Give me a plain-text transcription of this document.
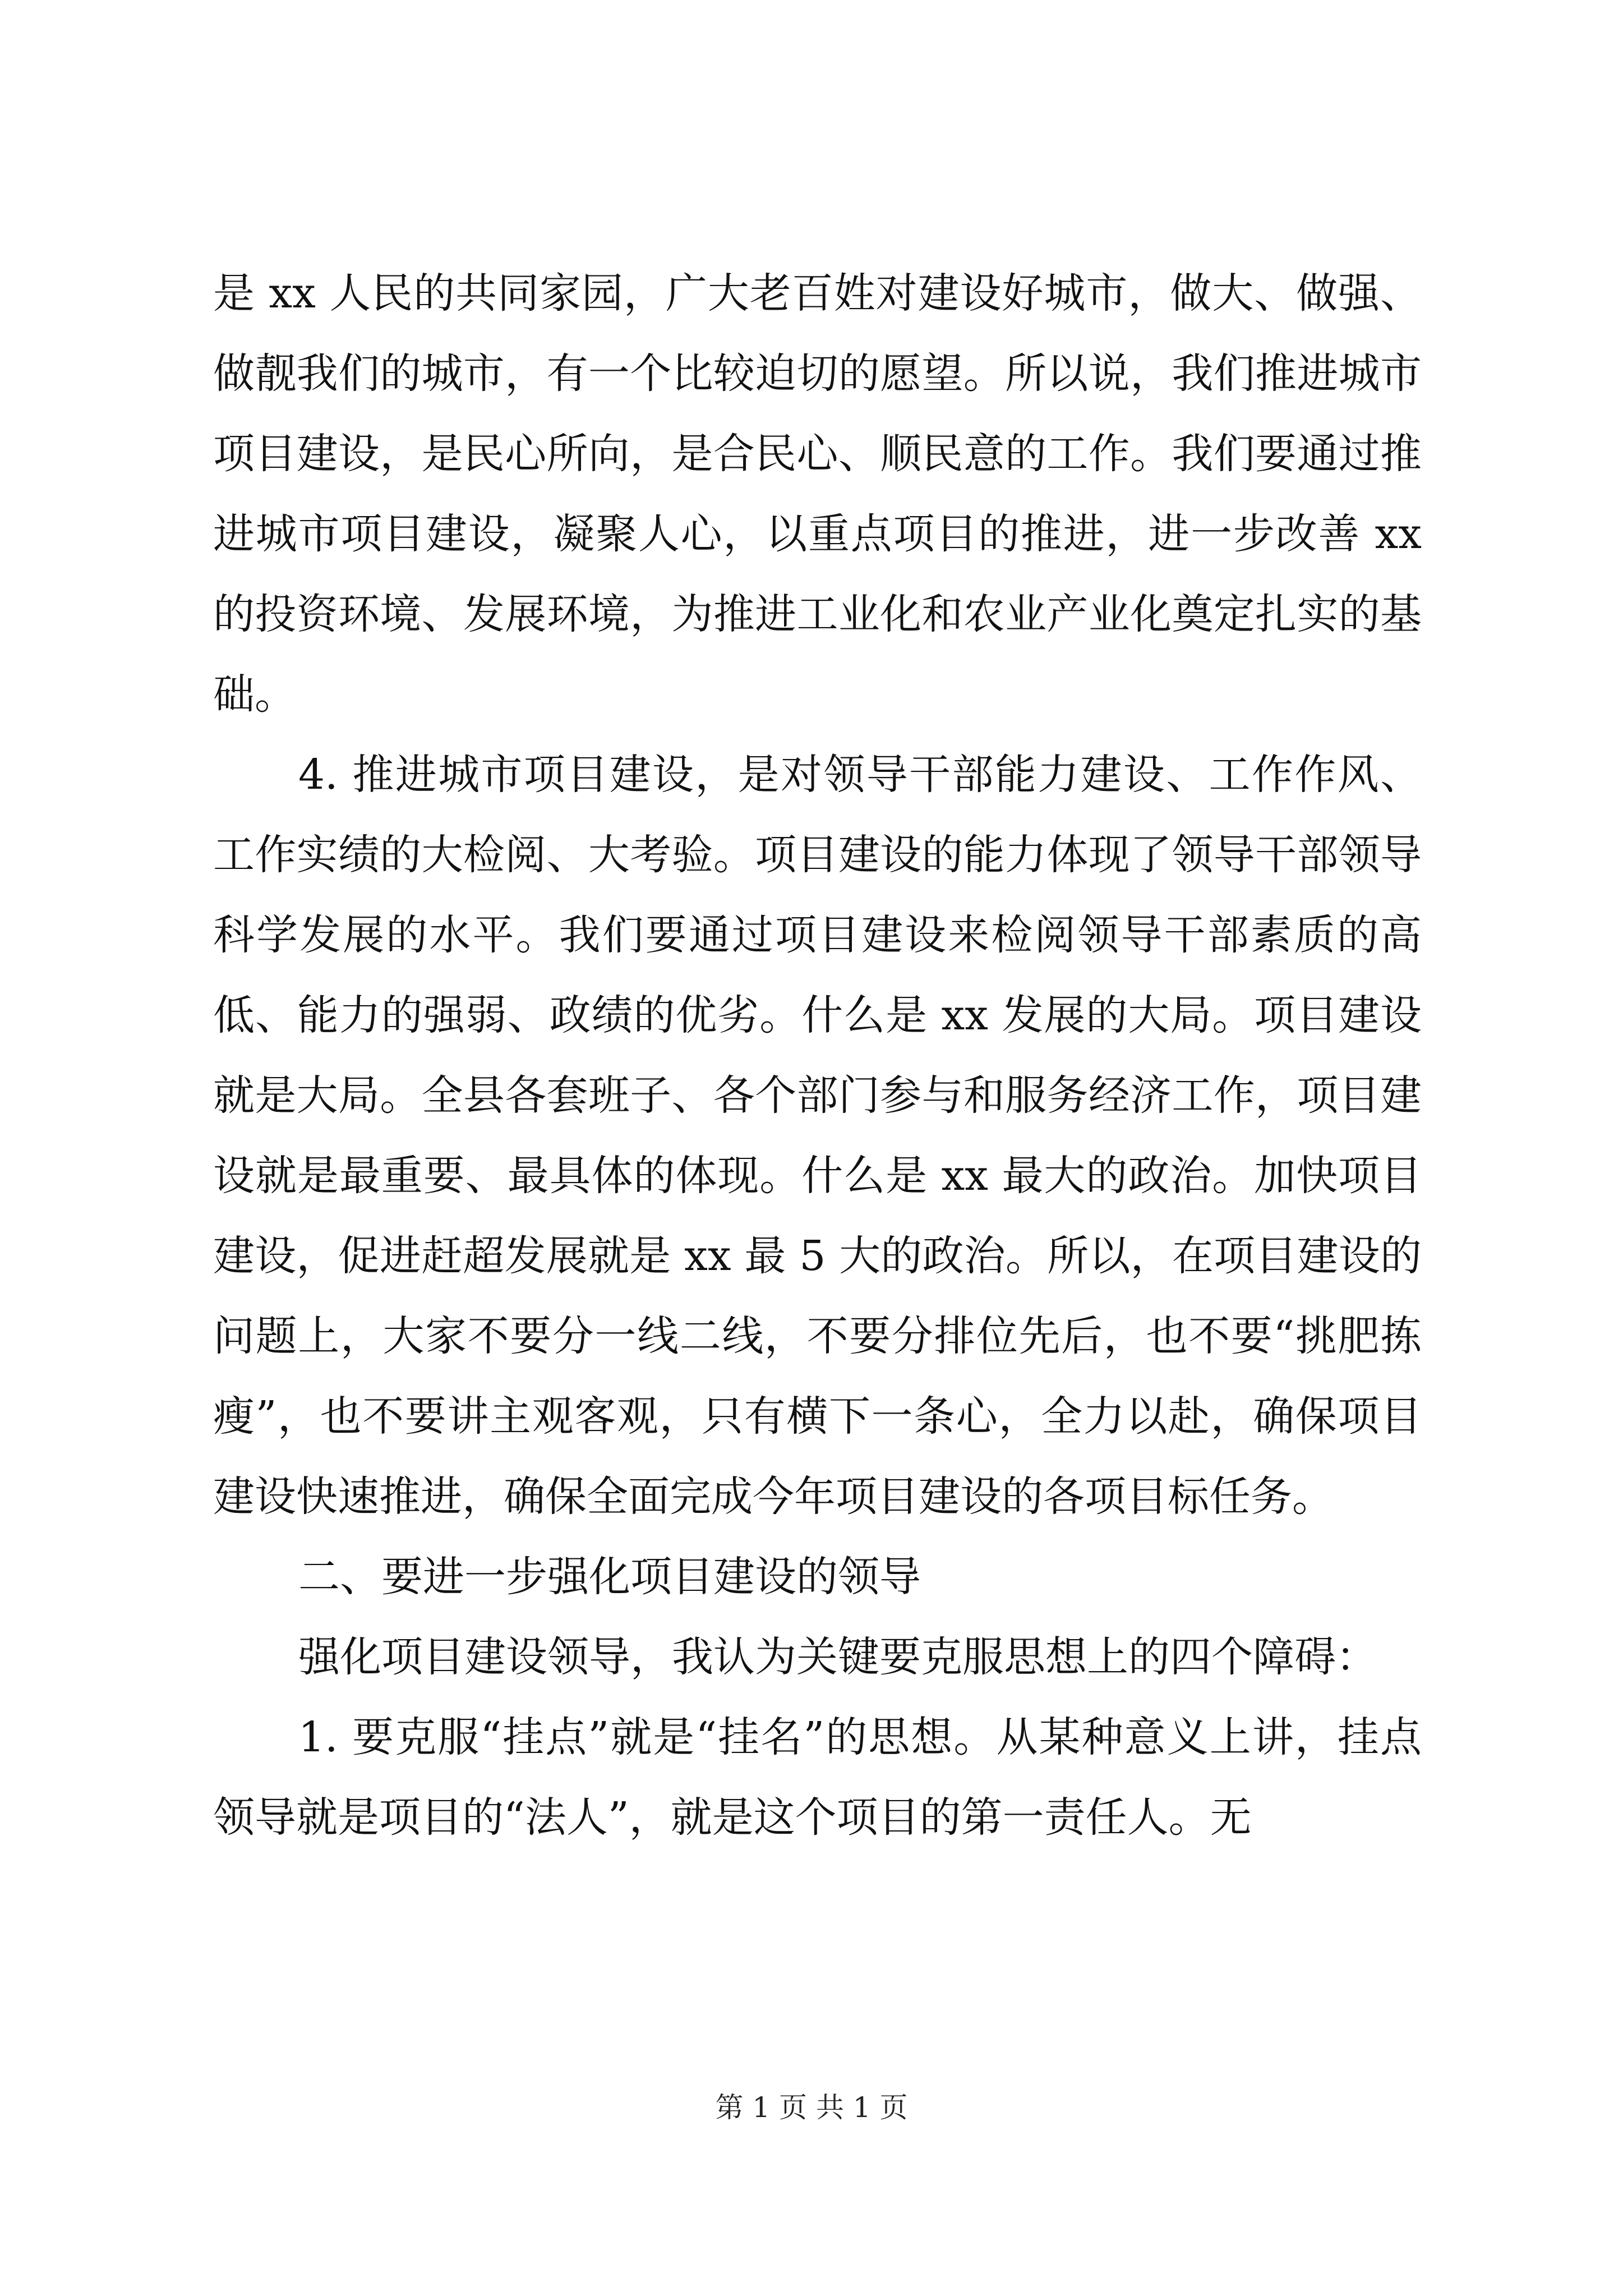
是 xx 人民的共同家园，广大老百姓对建设好城市，做大、做强、做靓我们的城市，有一个比较迫切的愿望。所以说，我们推进城市项目建设，是民心所向，是合民心、顺民意的工作。我们要通过推进城市项目建设，凝聚人心，以重点项目的推进，进一步改善 xx 的投资环境、发展环境，为推进工业化和农业产业化奠定扎实的基础。

4. 推进城市项目建设，是对领导干部能力建设、工作作风、工作实绩的大检阅、大考验。项目建设的能力体现了领导干部领导科学发展的水平。我们要通过项目建设来检阅领导干部素质的高低、能力的强弱、政绩的优劣。什么是 xx 发展的大局。项目建设就是大局。全县各套班子、各个部门参与和服务经济工作，项目建设就是最重要、最具体的体现。什么是 xx 最大的政治。加快项目建设，促进赶超发展就是 xx 最 5 大的政治。所以，在项目建设的问题上，大家不要分一线二线，不要分排位先后，也不要“挑肥拣瘦”，也不要讲主观客观，只有横下一条心，全力以赴，确保项目建设快速推进，确保全面完成今年项目建设的各项目标任务。

二、要进一步强化项目建设的领导

强化项目建设领导，我认为关键要克服思想上的四个障碍：

1. 要克服“挂点”就是“挂名”的思想。从某种意义上讲，挂点领导就是项目的“法人”，就是这个项目的第一责任人。无

第 1 页 共 1 页
